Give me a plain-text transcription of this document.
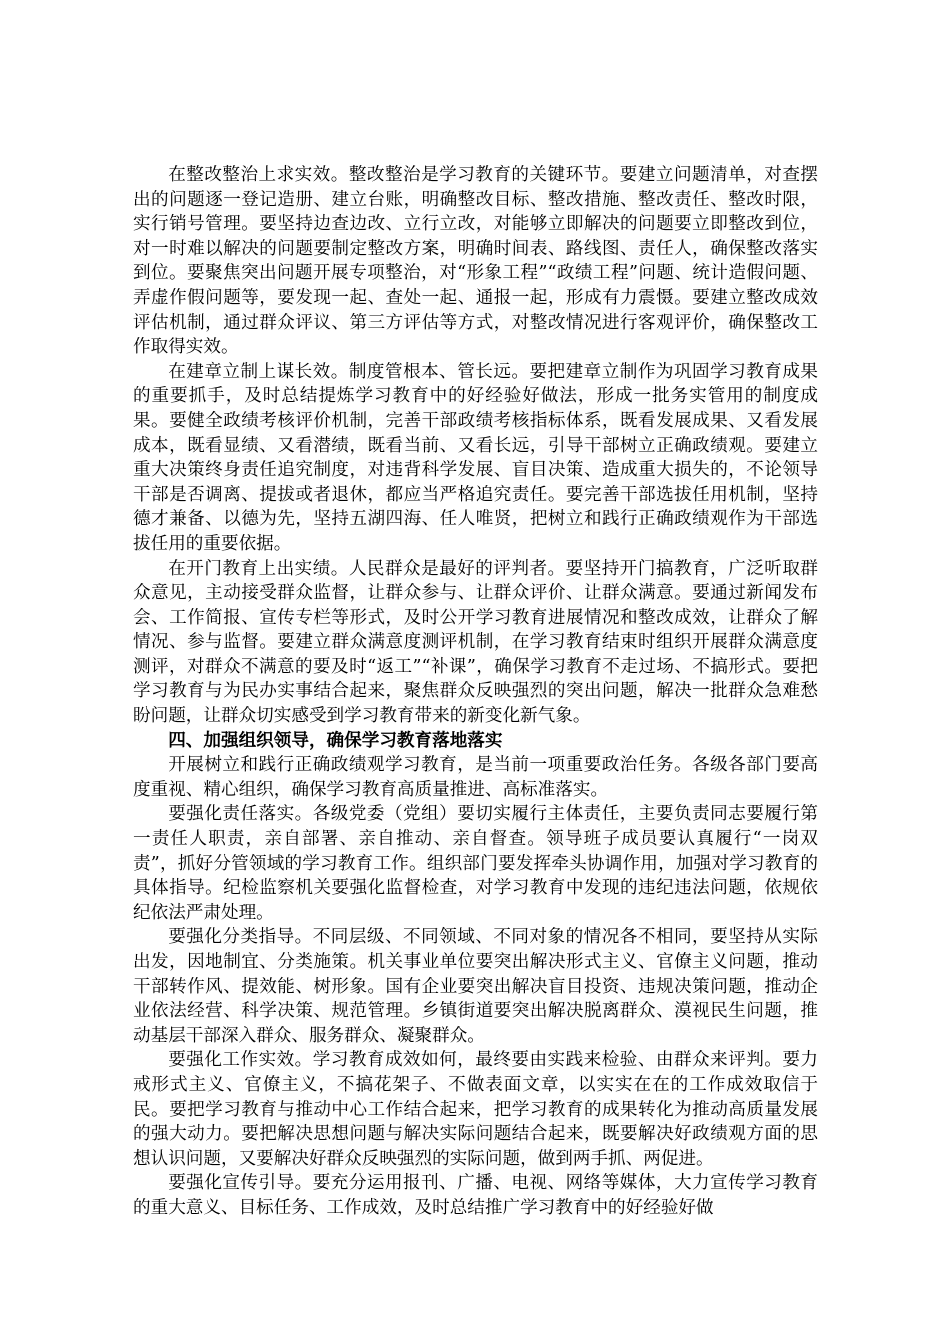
在整改整治上求实效。整改整治是学习教育的关键环节。要建立问题清单，对查摆出的问题逐一登记造册、建立台账，明确整改目标、整改措施、整改责任、整改时限，实行销号管理。要坚持边查边改、立行立改，对能够立即解决的问题要立即整改到位，对一时难以解决的问题要制定整改方案，明确时间表、路线图、责任人，确保整改落实到位。要聚焦突出问题开展专项整治，对“形象工程”“政绩工程”问题、统计造假问题、弄虚作假问题等，要发现一起、查处一起、通报一起，形成有力震慑。要建立整改成效评估机制，通过群众评议、第三方评估等方式，对整改情况进行客观评价，确保整改工作取得实效。

在建章立制上谋长效。制度管根本、管长远。要把建章立制作为巩固学习教育成果的重要抓手，及时总结提炼学习教育中的好经验好做法，形成一批务实管用的制度成果。要健全政绩考核评价机制，完善干部政绩考核指标体系，既看发展成果、又看发展成本，既看显绩、又看潜绩，既看当前、又看长远，引导干部树立正确政绩观。要建立重大决策终身责任追究制度，对违背科学发展、盲目决策、造成重大损失的，不论领导干部是否调离、提拔或者退休，都应当严格追究责任。要完善干部选拔任用机制，坚持德才兼备、以德为先，坚持五湖四海、任人唯贤，把树立和践行正确政绩观作为干部选拔任用的重要依据。

在开门教育上出实绩。人民群众是最好的评判者。要坚持开门搞教育，广泛听取群众意见，主动接受群众监督，让群众参与、让群众评价、让群众满意。要通过新闻发布会、工作简报、宣传专栏等形式，及时公开学习教育进展情况和整改成效，让群众了解情况、参与监督。要建立群众满意度测评机制，在学习教育结束时组织开展群众满意度测评，对群众不满意的要及时“返工”“补课”，确保学习教育不走过场、不搞形式。要把学习教育与为民办实事结合起来，聚焦群众反映强烈的突出问题，解决一批群众急难愁盼问题，让群众切实感受到学习教育带来的新变化新气象。

四、加强组织领导，确保学习教育落地落实

开展树立和践行正确政绩观学习教育，是当前一项重要政治任务。各级各部门要高度重视、精心组织，确保学习教育高质量推进、高标准落实。

要强化责任落实。各级党委（党组）要切实履行主体责任，主要负责同志要履行第一责任人职责，亲自部署、亲自推动、亲自督查。领导班子成员要认真履行“一岗双责”，抓好分管领域的学习教育工作。组织部门要发挥牵头协调作用，加强对学习教育的具体指导。纪检监察机关要强化监督检查，对学习教育中发现的违纪违法问题，依规依纪依法严肃处理。

要强化分类指导。不同层级、不同领域、不同对象的情况各不相同，要坚持从实际出发，因地制宜、分类施策。机关事业单位要突出解决形式主义、官僚主义问题，推动干部转作风、提效能、树形象。国有企业要突出解决盲目投资、违规决策问题，推动企业依法经营、科学决策、规范管理。乡镇街道要突出解决脱离群众、漠视民生问题，推动基层干部深入群众、服务群众、凝聚群众。

要强化工作实效。学习教育成效如何，最终要由实践来检验、由群众来评判。要力戒形式主义、官僚主义，不搞花架子、不做表面文章，以实实在在的工作成效取信于民。要把学习教育与推动中心工作结合起来，把学习教育的成果转化为推动高质量发展的强大动力。要把解决思想问题与解决实际问题结合起来，既要解决好政绩观方面的思想认识问题，又要解决好群众反映强烈的实际问题，做到两手抓、两促进。

要强化宣传引导。要充分运用报刊、广播、电视、网络等媒体，大力宣传学习教育的重大意义、目标任务、工作成效，及时总结推广学习教育中的好经验好做
